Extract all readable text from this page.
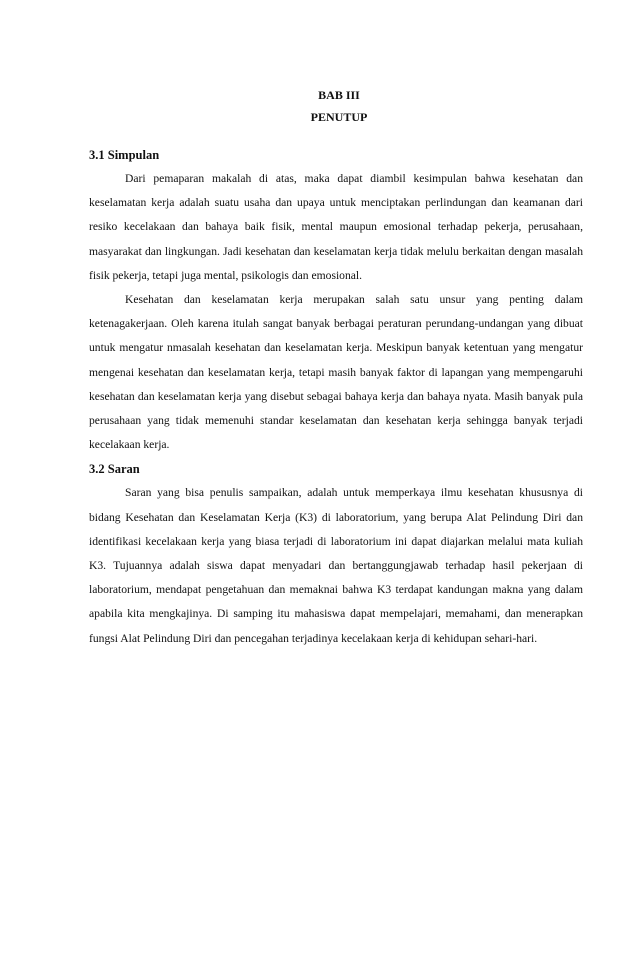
BAB III
PENUTUP
3.1 Simpulan

Dari pemaparan makalah di atas, maka dapat diambil kesimpulan bahwa kesehatan dan keselamatan kerja adalah suatu usaha dan upaya untuk menciptakan perlindungan dan keamanan dari resiko kecelakaan dan bahaya baik fisik, mental maupun emosional terhadap pekerja, perusahaan, masyarakat dan lingkungan. Jadi kesehatan dan keselamatan kerja tidak melulu berkaitan dengan masalah fisik pekerja, tetapi juga mental, psikologis dan emosional.

Kesehatan dan keselamatan kerja merupakan salah satu unsur yang penting dalam ketenagakerjaan. Oleh karena itulah sangat banyak berbagai peraturan perundang-undangan yang dibuat untuk mengatur nmasalah kesehatan dan keselamatan kerja. Meskipun banyak ketentuan yang mengatur mengenai kesehatan dan keselamatan kerja, tetapi masih banyak faktor di lapangan yang mempengaruhi kesehatan dan keselamatan kerja yang disebut sebagai bahaya kerja dan bahaya nyata. Masih banyak pula perusahaan yang tidak memenuhi standar keselamatan dan kesehatan kerja sehingga banyak terjadi kecelakaan kerja.

3.2 Saran

Saran yang bisa penulis sampaikan, adalah untuk memperkaya ilmu kesehatan khususnya di bidang Kesehatan dan Keselamatan Kerja (K3) di laboratorium, yang berupa Alat Pelindung Diri dan identifikasi kecelakaan kerja yang biasa terjadi di laboratorium ini dapat diajarkan melalui mata kuliah K3. Tujuannya adalah siswa dapat menyadari dan bertanggungjawab terhadap hasil pekerjaan di laboratorium, mendapat pengetahuan dan memaknai bahwa K3 terdapat kandungan makna yang dalam apabila kita mengkajinya. Di samping itu mahasiswa dapat mempelajari, memahami, dan menerapkan fungsi Alat Pelindung Diri dan pencegahan terjadinya kecelakaan kerja di kehidupan sehari-hari.
